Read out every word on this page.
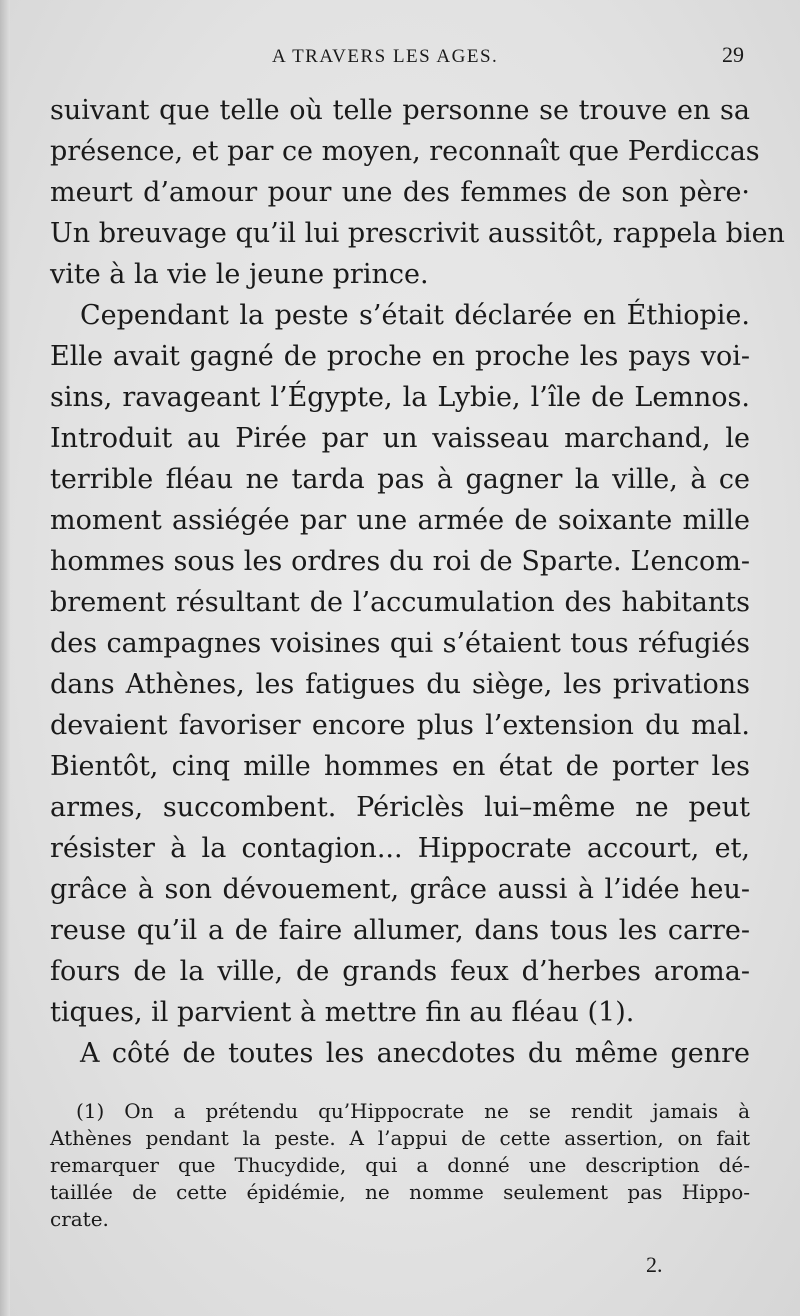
A TRAVERS LES AGES.	29
suivant que telle où telle personne se trouve en sa
présence, et par ce moyen, reconnaît que Perdiccas
meurt d’amour pour une des femmes de son père·
Un breuvage qu’il lui prescrivit aussitôt, rappela bien
vite à la vie le jeune prince.
Cependant la peste s’était déclarée en Éthiopie.
Elle avait gagné de proche en proche les pays voi-
sins, ravageant l’Égypte, la Lybie, l’île de Lemnos.
Introduit au Pirée par un vaisseau marchand, le
terrible fléau ne tarda pas à gagner la ville, à ce
moment assiégée par une armée de soixante mille
hommes sous les ordres du roi de Sparte. L’encom-
brement résultant de l’accumulation des habitants
des campagnes voisines qui s’étaient tous réfugiés
dans Athènes, les fatigues du siège, les privations
devaient favoriser encore plus l’extension du mal.
Bientôt, cinq mille hommes en état de porter les
armes, succombent. Périclès lui–même ne peut
résister à la contagion... Hippocrate accourt, et,
grâce à son dévouement, grâce aussi à l’idée heu-
reuse qu’il a de faire allumer, dans tous les carre-
fours de la ville, de grands feux d’herbes aroma-
tiques, il parvient à mettre fin au fléau (1).
A côté de toutes les anecdotes du même genre
(1) On a prétendu qu’Hippocrate ne se rendit jamais à
Athènes pendant la peste. A l’appui de cette assertion, on fait
remarquer que Thucydide, qui a donné une description dé-
taillée de cette épidémie, ne nomme seulement pas Hippo-
crate.
2.
